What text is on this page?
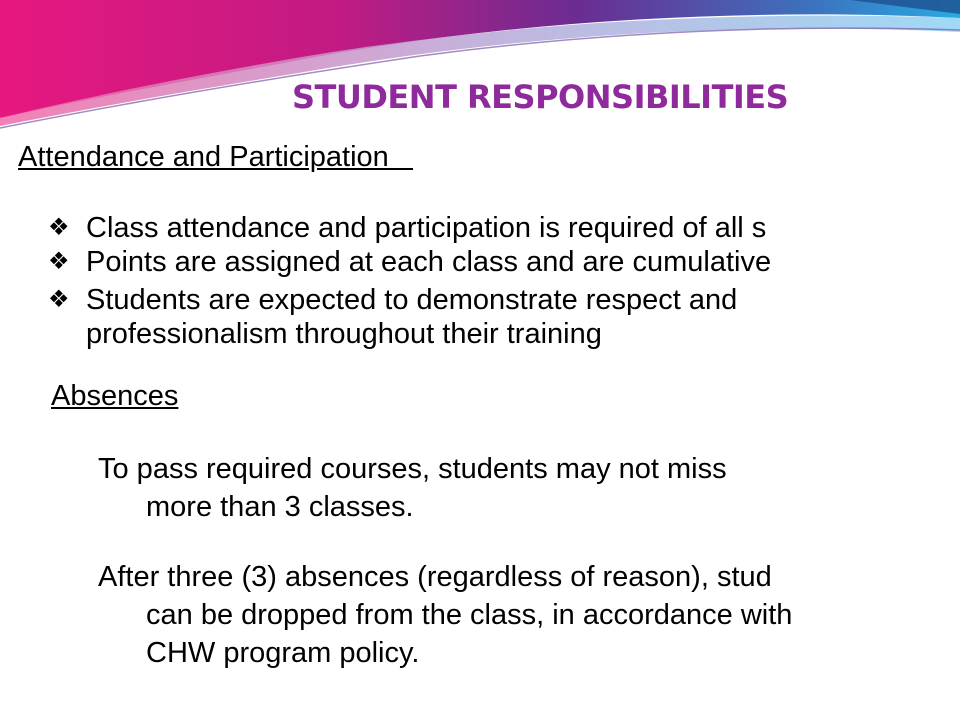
STUDENT RESPONSIBILITIES
Attendance and Participation
❖ Class attendance and participation is required of all s
❖ Points are assigned at each class and are cumulative
❖ Students are expected to demonstrate respect and
professionalism throughout their training
Absences

To pass required courses, students may not miss
more than 3 classes.

After three (3) absences (regardless of reason), stud
can be dropped from the class, in accordance with
CHW program policy.
